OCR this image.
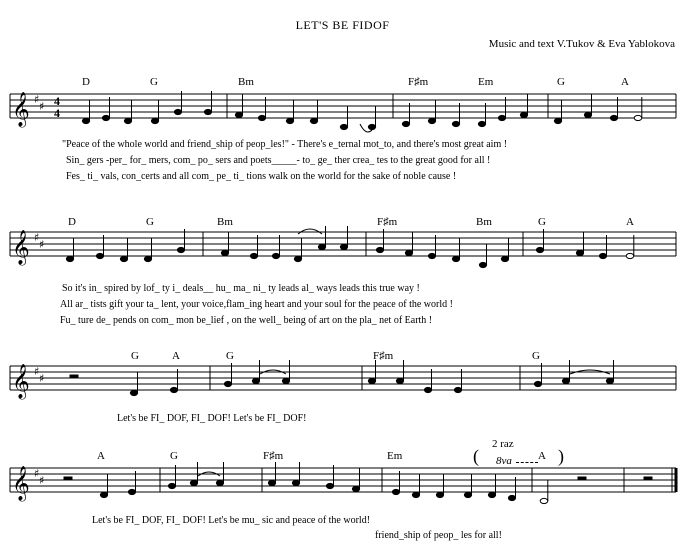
LET'S BE FIDOF
Music and text V.Tukov & Eva Yablokova
D	G	Bm	F♯m	Em	G	A
𝄞 ♯
♯ 4
4
"Peace of the whole world and friend_ship of peop_les!" - There's e_ternal mot_to, and there's most great aim !
Sin_ gers -per_ for_ mers, com_ po_ sers and poets_____- to_ ge_ ther crea_ tes to the great good for all !
Fes_ ti_ vals, con_certs and all com_ pe_ ti_ tions walk on the world for the sake of noble cause !
D	G	Bm	F♯m	Bm	G	A
𝄞 ♯
♯
So it's in_ spired by lof_ ty i_ deals__ hu_ ma_ ni_ ty leads al_ ways leads this true way !
All ar_ tists gift your ta_ lent, your voice,flam_ing heart and your soul for the peace of the world !
Fu_ ture de_ pends on com_ mon be_lief , on the well_ being of art on the pla_ net of Earth !
G	A	G	F♯m	G
𝄞 ♯
♯
Let's be FI_ DOF, FI_ DOF! Let's be FI_ DOF!
2 raz
8va
(	)
A	G	F♯m	Em	A
𝄞 ♯
♯
Let's be FI_ DOF, FI_ DOF! Let's be mu_ sic and peace of the world!
friend_ship of peop_ les for all!
